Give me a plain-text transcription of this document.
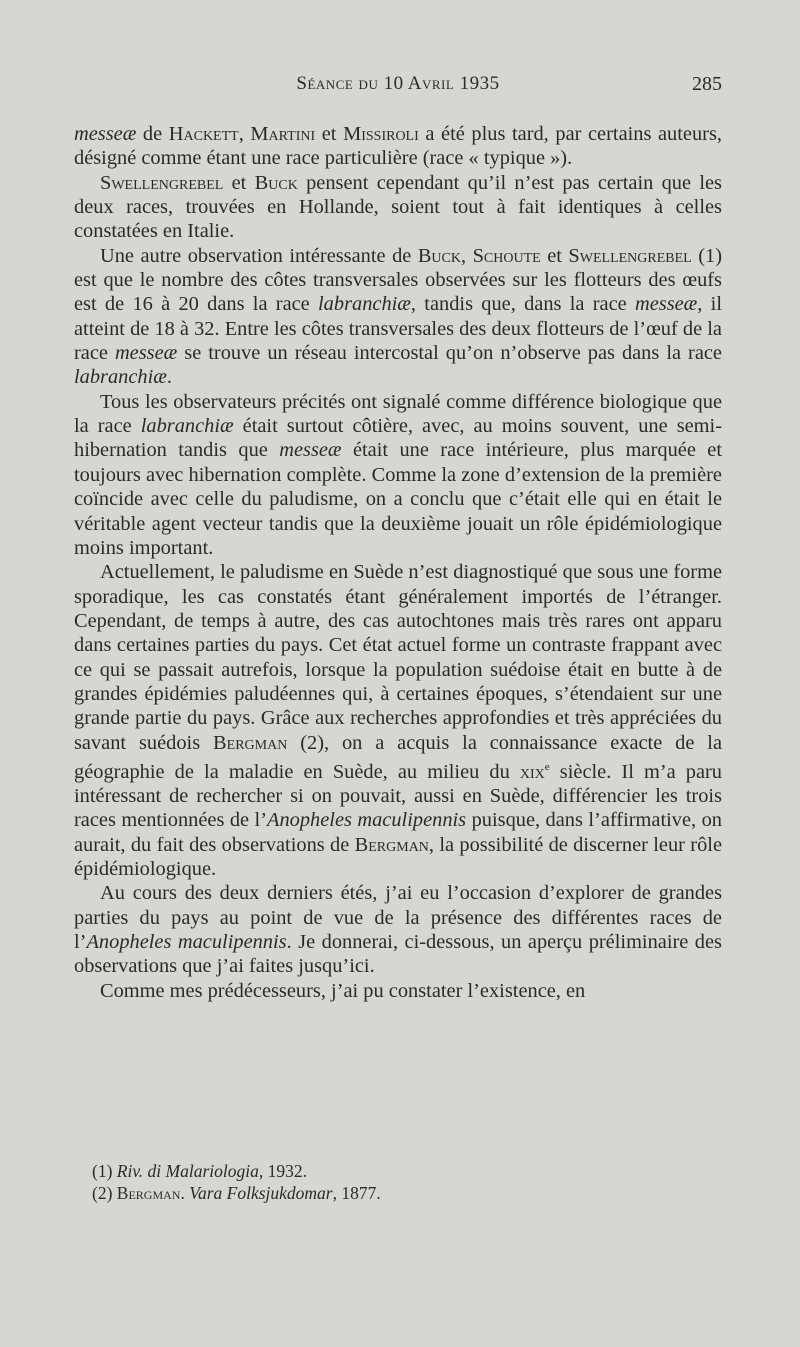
Séance du 10 Avril 1935	285

messeæ de Hackett, Martini et Missiroli a été plus tard, par certains auteurs, désigné comme étant une race particulière (race « typique »).

Swellengrebel et Buck pensent cependant qu’il n’est pas certain que les deux races, trouvées en Hollande, soient tout à fait identiques à celles constatées en Italie.

Une autre observation intéressante de Buck, Schoute et Swellengrebel (1) est que le nombre des côtes transversales observées sur les flotteurs des œufs est de 16 à 20 dans la race labranchiæ, tandis que, dans la race messeæ, il atteint de 18 à 32. Entre les côtes transversales des deux flotteurs de l’œuf de la race messeæ se trouve un réseau intercostal qu’on n’observe pas dans la race labranchiæ.

Tous les observateurs précités ont signalé comme différence biologique que la race labranchiæ était surtout côtière, avec, au moins souvent, une semi-hibernation tandis que messeæ était une race intérieure, plus marquée et toujours avec hibernation complète. Comme la zone d’extension de la première coïncide avec celle du paludisme, on a conclu que c’était elle qui en était le véritable agent vecteur tandis que la deuxième jouait un rôle épidémiologique moins important.

Actuellement, le paludisme en Suède n’est diagnostiqué que sous une forme sporadique, les cas constatés étant généralement importés de l’étranger. Cependant, de temps à autre, des cas autochtones mais très rares ont apparu dans certaines parties du pays. Cet état actuel forme un contraste frappant avec ce qui se passait autrefois, lorsque la population suédoise était en butte à de grandes épidémies paludéennes qui, à certaines époques, s’étendaient sur une grande partie du pays. Grâce aux recherches approfondies et très appréciées du savant suédois Bergman (2), on a acquis la connaissance exacte de la géographie de la maladie en Suède, au milieu du xix$^e$ siècle. Il m’a paru intéressant de rechercher si on pouvait, aussi en Suède, différencier les trois races mentionnées de l’Anopheles maculipennis puisque, dans l’affirmative, on aurait, du fait des observations de Bergman, la possibilité de discerner leur rôle épidémiologique.

Au cours des deux derniers étés, j’ai eu l’occasion d’explorer de grandes parties du pays au point de vue de la présence des différentes races de l’Anopheles maculipennis. Je donnerai, ci-dessous, un aperçu préliminaire des observations que j’ai faites jusqu’ici.

Comme mes prédécesseurs, j’ai pu constater l’existence, en

(1) Riv. di Malariologia, 1932.
(2) Bergman. Vara Folksjukdomar, 1877.
